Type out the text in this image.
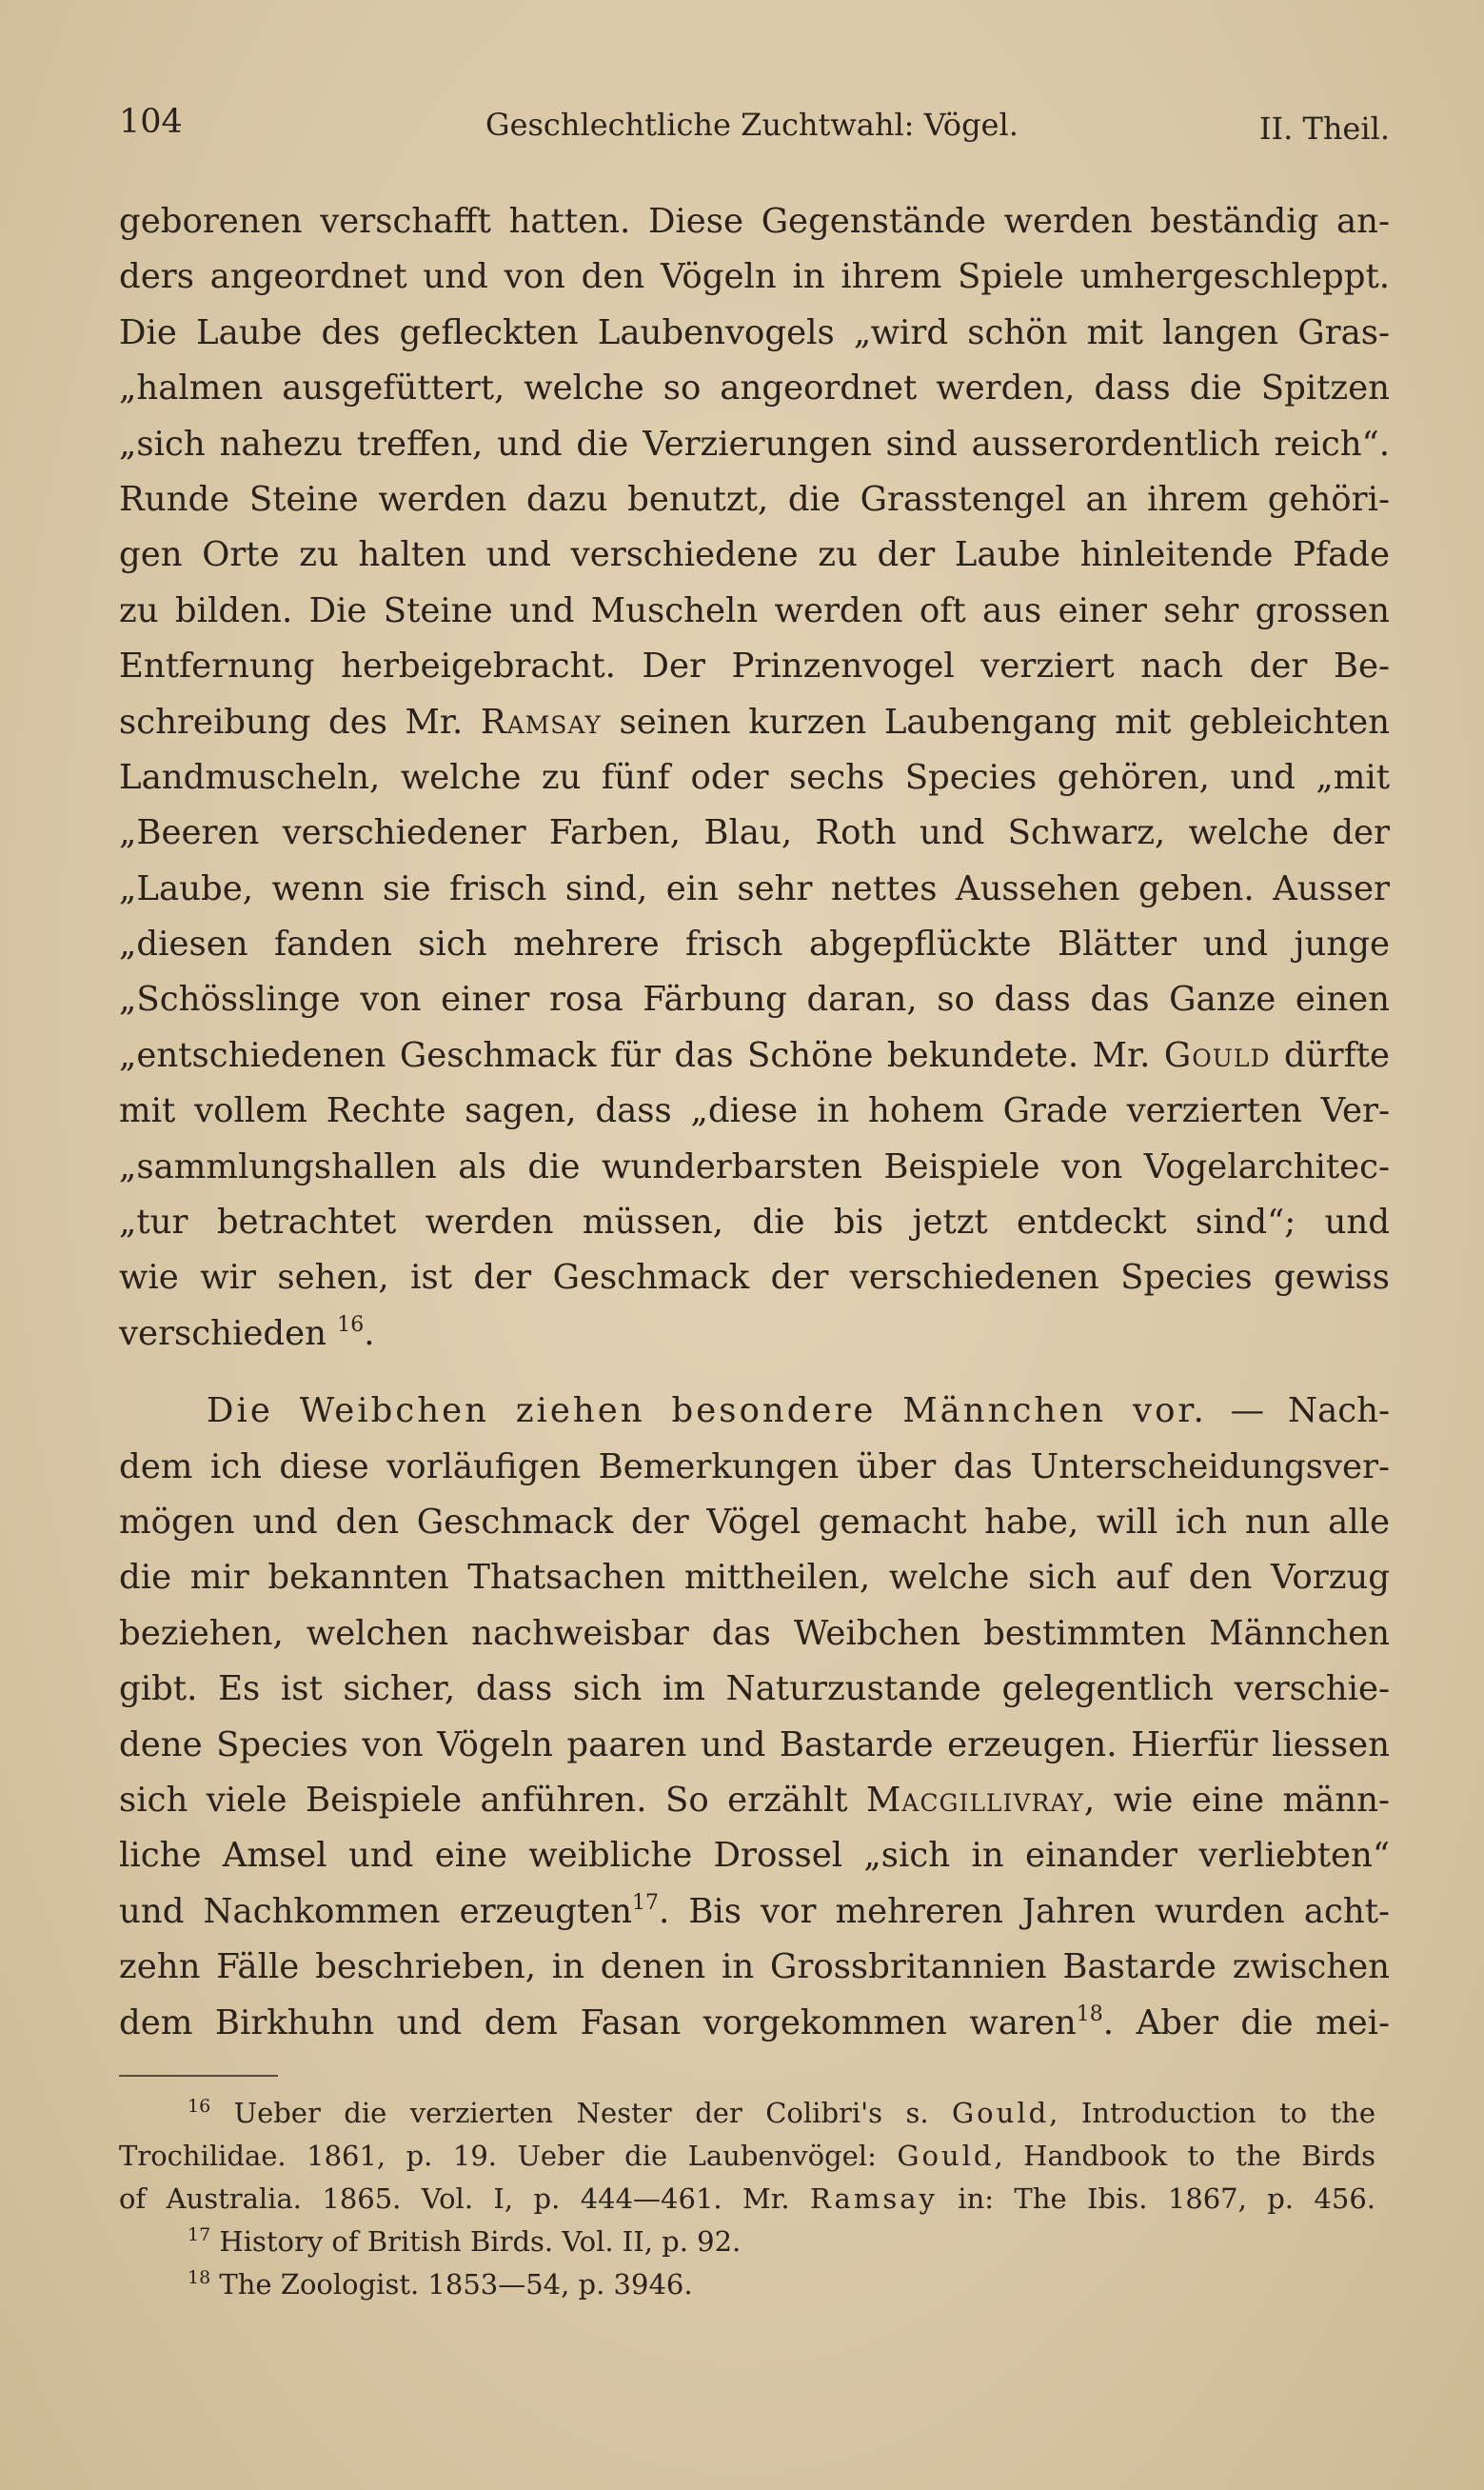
104	Geschlechtliche Zuchtwahl: Vögel.	II. Theil.
geborenen verschafft hatten. Diese Gegenstände werden beständig an-
ders angeordnet und von den Vögeln in ihrem Spiele umhergeschleppt.
Die Laube des gefleckten Laubenvogels „wird schön mit langen Gras-
„halmen ausgefüttert, welche so angeordnet werden, dass die Spitzen
„sich nahezu treffen, und die Verzierungen sind ausserordentlich reich“.
Runde Steine werden dazu benutzt, die Grasstengel an ihrem gehöri-
gen Orte zu halten und verschiedene zu der Laube hinleitende Pfade
zu bilden. Die Steine und Muscheln werden oft aus einer sehr grossen
Entfernung herbeigebracht. Der Prinzenvogel verziert nach der Be-
schreibung des Mr. Ramsay seinen kurzen Laubengang mit gebleichten
Landmuscheln, welche zu fünf oder sechs Species gehören, und „mit
„Beeren verschiedener Farben, Blau, Roth und Schwarz, welche der
„Laube, wenn sie frisch sind, ein sehr nettes Aussehen geben. Ausser
„diesen fanden sich mehrere frisch abgepflückte Blätter und junge
„Schösslinge von einer rosa Färbung daran, so dass das Ganze einen
„entschiedenen Geschmack für das Schöne bekundete. Mr. Gould dürfte
mit vollem Rechte sagen, dass „diese in hohem Grade verzierten Ver-
„sammlungshallen als die wunderbarsten Beispiele von Vogelarchitec-
„tur betrachtet werden müssen, die bis jetzt entdeckt sind“; und
wie wir sehen, ist der Geschmack der verschiedenen Species gewiss
verschieden $^{16}$.
Die Weibchen ziehen besondere Männchen vor. — Nach-
dem ich diese vorläufigen Bemerkungen über das Unterscheidungsver-
mögen und den Geschmack der Vögel gemacht habe, will ich nun alle
die mir bekannten Thatsachen mittheilen, welche sich auf den Vorzug
beziehen, welchen nachweisbar das Weibchen bestimmten Männchen
gibt. Es ist sicher, dass sich im Naturzustande gelegentlich verschie-
dene Species von Vögeln paaren und Bastarde erzeugen. Hierfür liessen
sich viele Beispiele anführen. So erzählt Macgillivray, wie eine männ-
liche Amsel und eine weibliche Drossel „sich in einander verliebten“
und Nachkommen erzeugten$^{17}$. Bis vor mehreren Jahren wurden acht-
zehn Fälle beschrieben, in denen in Grossbritannien Bastarde zwischen
dem Birkhuhn und dem Fasan vorgekommen waren$^{18}$. Aber die mei-
$^{16}$ Ueber die verzierten Nester der Colibri's s. Gould, Introduction to the
Trochilidae. 1861, p. 19. Ueber die Laubenvögel: Gould, Handbook to the Birds
of Australia. 1865. Vol. I, p. 444—461. Mr. Ramsay in: The Ibis. 1867, p. 456.
$^{17}$ History of British Birds. Vol. II, p. 92.
$^{18}$ The Zoologist. 1853—54, p. 3946.
